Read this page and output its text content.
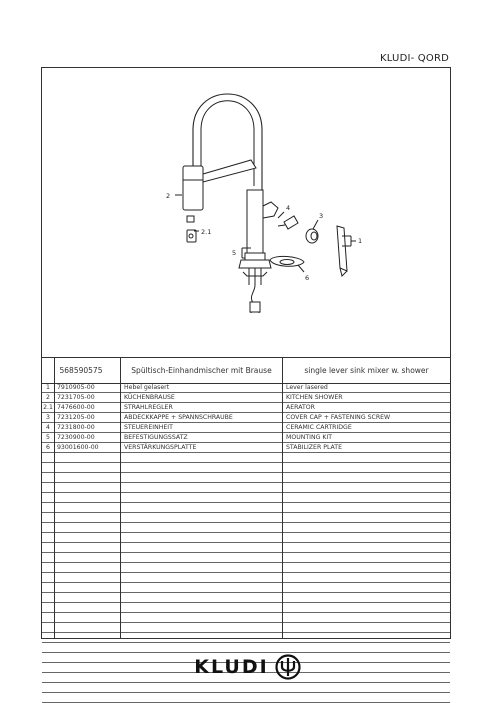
KLUDI- QORD
2
2.1
5
4
3
1
6
568590575	Spültisch-Einhandmischer mit Brause	single lever sink mixer w. shower
1	7910905-00	Hebel gelasert	Lever lasered
2	7231705-00	KÜCHENBRAUSE	KITCHEN SHOWER
2.1 7476600-00	STRAHLREGLER	AERATOR
3	7231205-00	ABDECKKAPPE + SPANNSCHRAUBE	COVER CAP + FASTENING SCREW
4	7231800-00	STEUEREINHEIT	CERAMIC CARTRIDGE
5	7230900-00	BEFESTIGUNGSSATZ	MOUNTING KIT
6	93001600-00	VERSTÄRKUNGSPLATTE	STABILIZER PLATE
KLUDI
